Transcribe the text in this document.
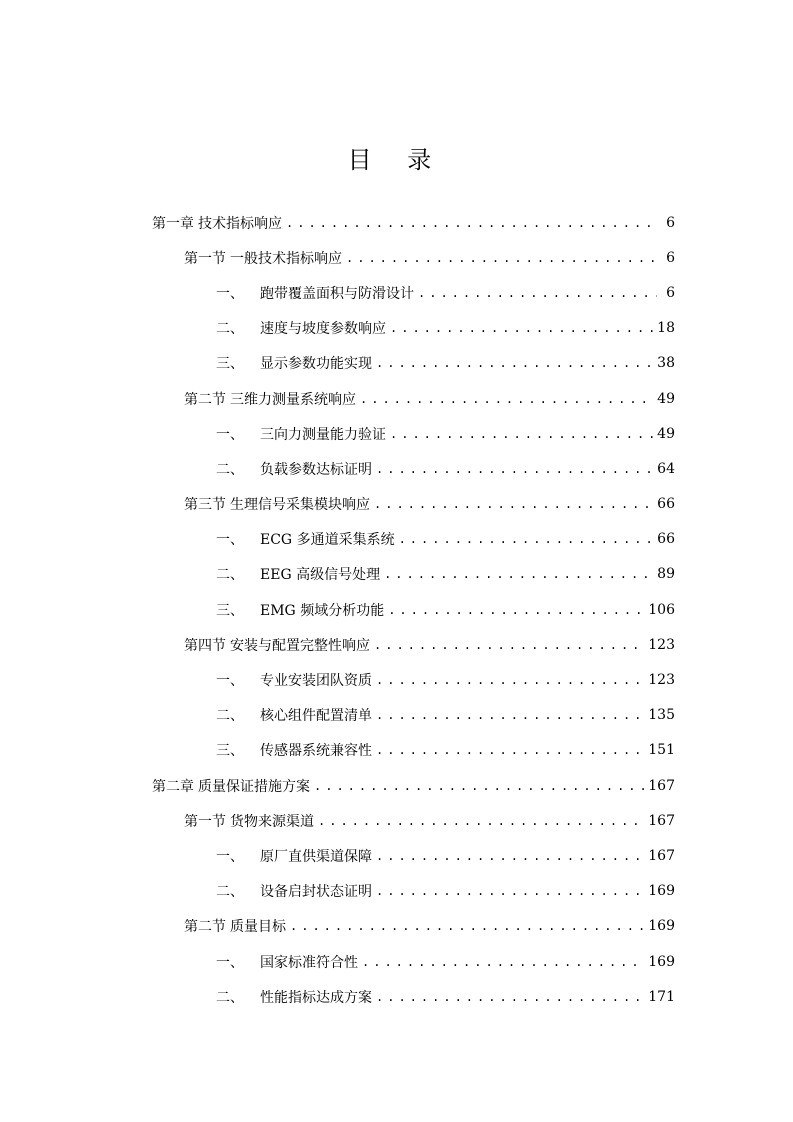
目 录
第一章 技术指标响应 .....	6
第一节 一般技术指标响应 .....	6
一、	跑带覆盖面积与防滑设计 .....	6
二、	速度与坡度参数响应 .....	18
三、	显示参数功能实现 .....	38
第二节 三维力测量系统响应 .....	49
一、	三向力测量能力验证 .....	49
二、	负载参数达标证明 .....	64
第三节 生理信号采集模块响应 .....	66
一、	ECG 多通道采集系统 .....	66
二、	EEG 高级信号处理 .....	89
三、	EMG 频域分析功能 .....	106
第四节 安装与配置完整性响应 .....	123
一、	专业安装团队资质 .....	123
二、	核心组件配置清单 .....	135
三、	传感器系统兼容性 .....	151
第二章 质量保证措施方案 .....	167
第一节 货物来源渠道 .....	167
一、	原厂直供渠道保障 .....	167
二、	设备启封状态证明 .....	169
第二节 质量目标 .....	169
一、	国家标准符合性 .....	169
二、	性能指标达成方案 .....	171
